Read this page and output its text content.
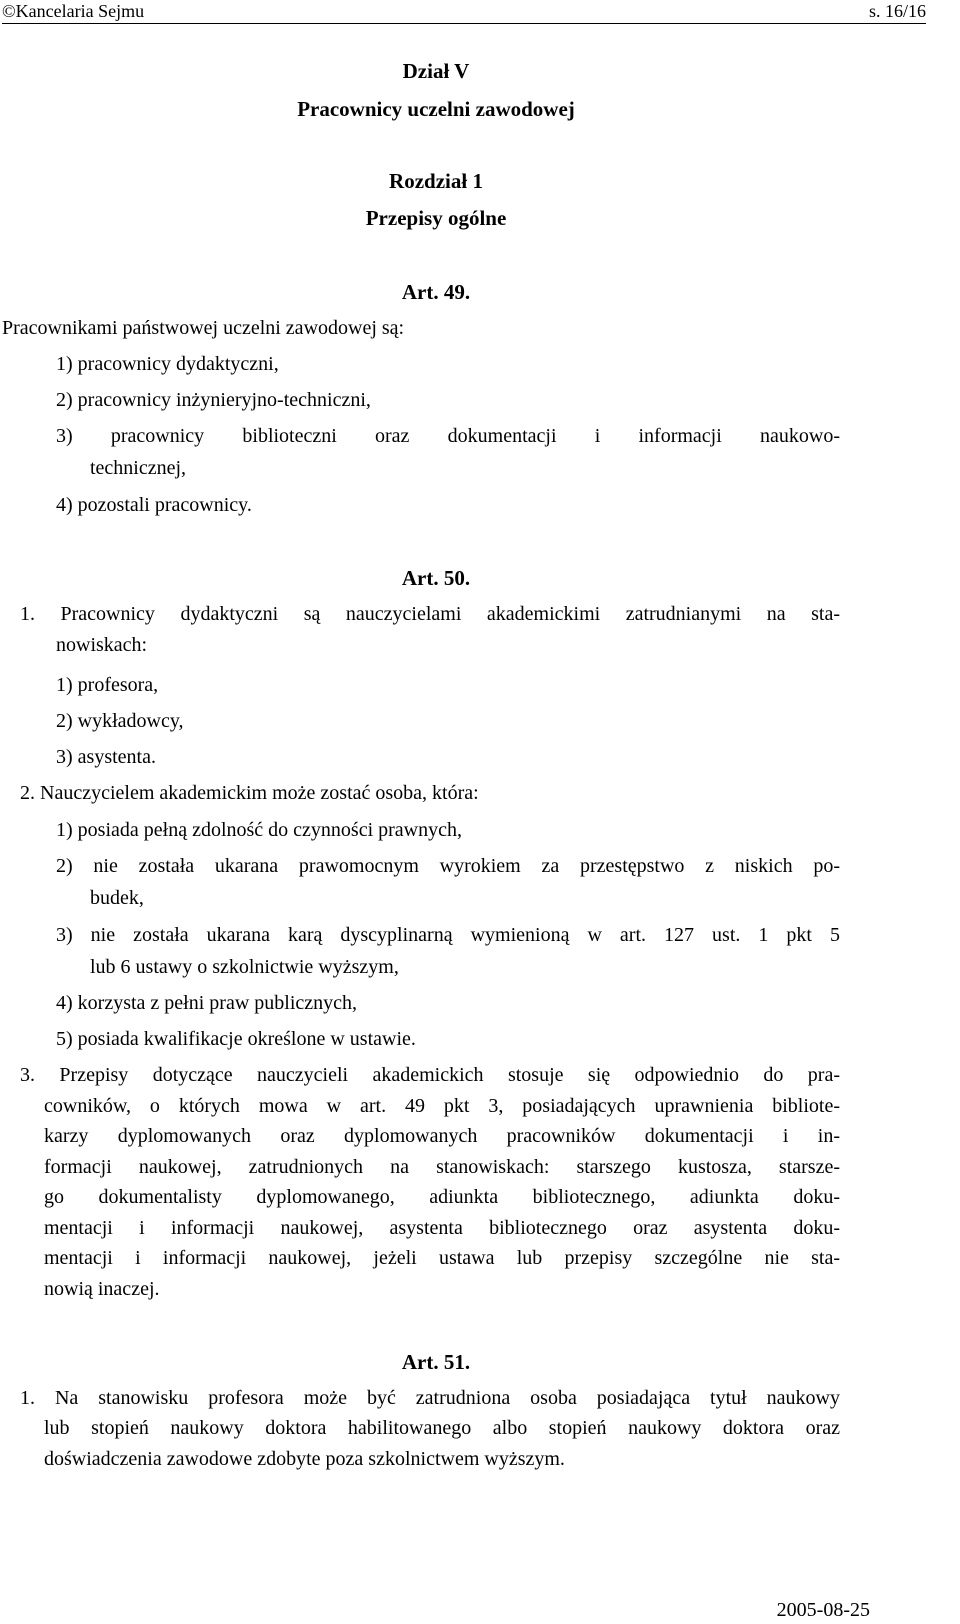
©Kancelaria Sejmu	s. 16/16
Dział V
Pracownicy uczelni zawodowej
Rozdział 1
Przepisy ogólne
Art. 49.
Pracownikami państwowej uczelni zawodowej są:
1) pracownicy dydaktyczni,
2) pracownicy inżynieryjno-techniczni,
3) pracownicy biblioteczni oraz dokumentacji i informacji naukowo-
technicznej,
4) pozostali pracownicy.
Art. 50.
1. Pracownicy dydaktyczni są nauczycielami akademickimi zatrudnianymi na sta-
nowiskach:
1) profesora,
2) wykładowcy,
3) asystenta.
2. Nauczycielem akademickim może zostać osoba, która:
1) posiada pełną zdolność do czynności prawnych,
2) nie została ukarana prawomocnym wyrokiem za przestępstwo z niskich po-
budek,
3) nie została ukarana karą dyscyplinarną wymienioną w art. 127 ust. 1 pkt 5
lub 6 ustawy o szkolnictwie wyższym,
4) korzysta z pełni praw publicznych,
5) posiada kwalifikacje określone w ustawie.
3. Przepisy dotyczące nauczycieli akademickich stosuje się odpowiednio do pra-
cowników, o których mowa w art. 49 pkt 3, posiadających uprawnienia bibliote-
karzy dyplomowanych oraz dyplomowanych pracowników dokumentacji i in-
formacji naukowej, zatrudnionych na stanowiskach: starszego kustosza, starsze-
go dokumentalisty dyplomowanego, adiunkta bibliotecznego, adiunkta doku-
mentacji i informacji naukowej, asystenta bibliotecznego oraz asystenta doku-
mentacji i informacji naukowej, jeżeli ustawa lub przepisy szczególne nie sta-
nowią inaczej.
Art. 51.
1. Na stanowisku profesora może być zatrudniona osoba posiadająca tytuł naukowy
lub stopień naukowy doktora habilitowanego albo stopień naukowy doktora oraz
doświadczenia zawodowe zdobyte poza szkolnictwem wyższym.
2005-08-25
